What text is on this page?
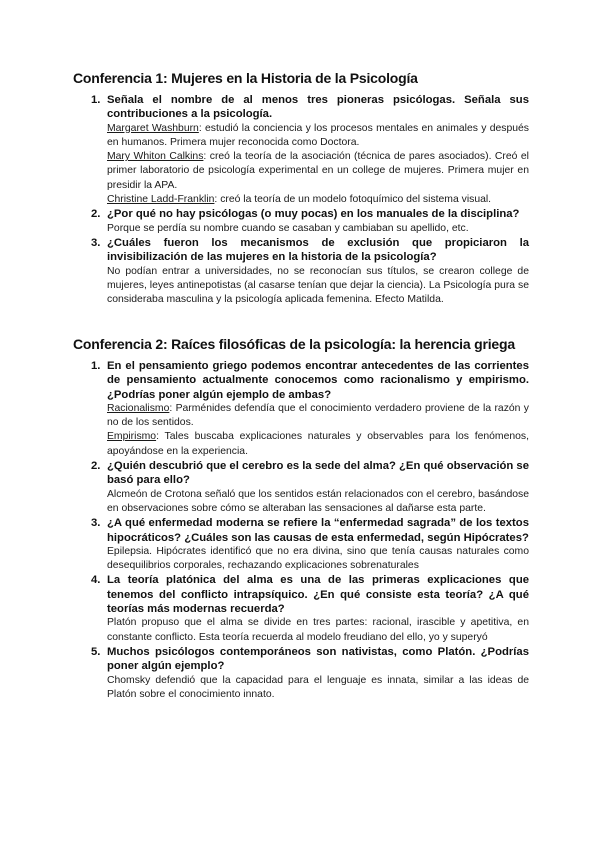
Conferencia 1: Mujeres en la Historia de la Psicología
1. Señala el nombre de al menos tres pioneras psicólogas. Señala sus contribuciones a la psicología.
Margaret Washburn: estudió la conciencia y los procesos mentales en animales y después en humanos. Primera mujer reconocida como Doctora.
Mary Whiton Calkins: creó la teoría de la asociación (técnica de pares asociados). Creó el primer laboratorio de psicología experimental en un college de mujeres. Primera mujer en presidir la APA.
Christine Ladd-Franklin: creó la teoría de un modelo fotoquímico del sistema visual.
2. ¿Por qué no hay psicólogas (o muy pocas) en los manuales de la disciplina?
Porque se perdía su nombre cuando se casaban y cambiaban su apellido, etc.
3. ¿Cuáles fueron los mecanismos de exclusión que propiciaron la invisibilización de las mujeres en la historia de la psicología?
No podían entrar a universidades, no se reconocían sus títulos, se crearon college de mujeres, leyes antinepotistas (al casarse tenían que dejar la ciencia). La Psicología pura se consideraba masculina y la psicología aplicada femenina. Efecto Matilda.
Conferencia 2: Raíces filosóficas de la psicología: la herencia griega
1. En el pensamiento griego podemos encontrar antecedentes de las corrientes de pensamiento actualmente conocemos como racionalismo y empirismo. ¿Podrías poner algún ejemplo de ambas?
Racionalismo: Parménides defendía que el conocimiento verdadero proviene de la razón y no de los sentidos.
Empirismo: Tales buscaba explicaciones naturales y observables para los fenómenos, apoyándose en la experiencia.
2. ¿Quién descubrió que el cerebro es la sede del alma? ¿En qué observación se basó para ello?
Alcmeón de Crotona señaló que los sentidos están relacionados con el cerebro, basándose en observaciones sobre cómo se alteraban las sensaciones al dañarse esta parte.
3. ¿A qué enfermedad moderna se refiere la “enfermedad sagrada” de los textos hipocráticos? ¿Cuáles son las causas de esta enfermedad, según Hipócrates?
Epilepsia. Hipócrates identificó que no era divina, sino que tenía causas naturales como desequilibrios corporales, rechazando explicaciones sobrenaturales
4. La teoría platónica del alma es una de las primeras explicaciones que tenemos del conflicto intrapsíquico. ¿En qué consiste esta teoría? ¿A qué teorías más modernas recuerda?
Platón propuso que el alma se divide en tres partes: racional, irascible y apetitiva, en constante conflicto. Esta teoría recuerda al modelo freudiano del ello, yo y superyó
5. Muchos psicólogos contemporáneos son nativistas, como Platón. ¿Podrías poner algún ejemplo?
Chomsky defendió que la capacidad para el lenguaje es innata, similar a las ideas de Platón sobre el conocimiento innato.
